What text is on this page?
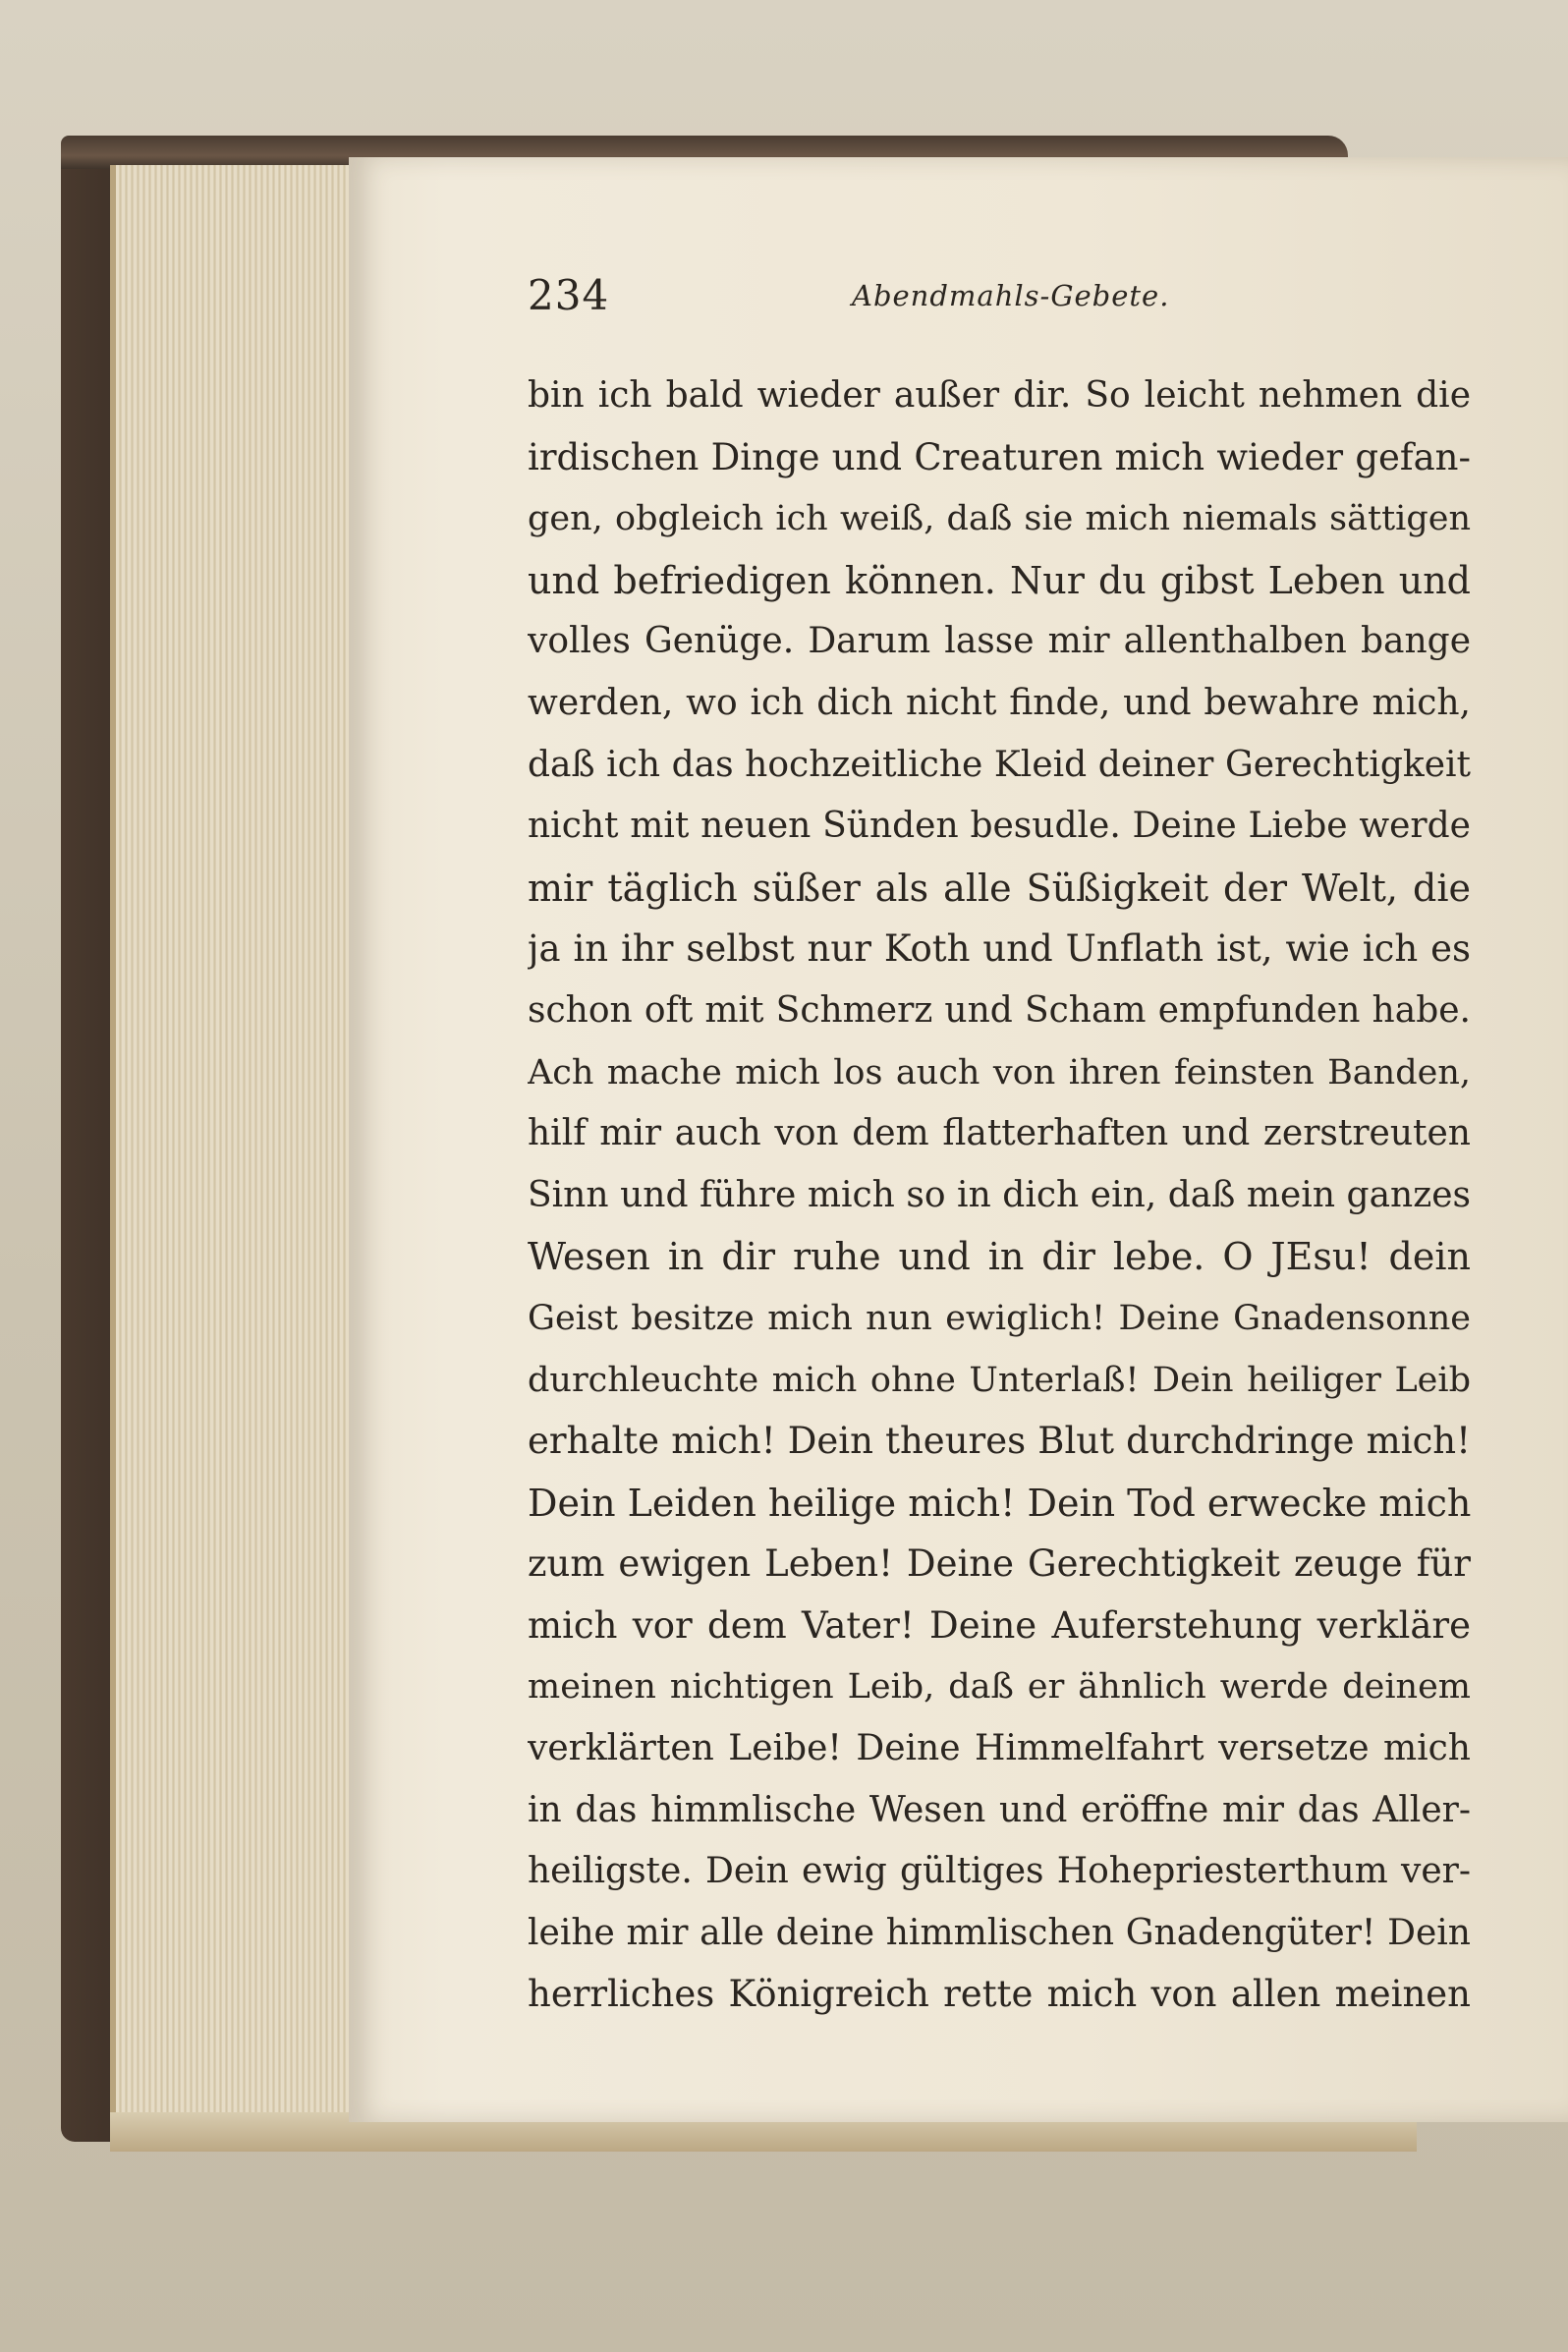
234	Abendmahls-Gebete.
bin ich bald wieder außer dir. So leicht nehmen die
irdischen Dinge und Creaturen mich wieder gefan-
gen, obgleich ich weiß, daß sie mich niemals sättigen
und befriedigen können. Nur du gibst Leben und
volles Genüge. Darum lasse mir allenthalben bange
werden, wo ich dich nicht finde, und bewahre mich,
daß ich das hochzeitliche Kleid deiner Gerechtigkeit
nicht mit neuen Sünden besudle. Deine Liebe werde
mir täglich süßer als alle Süßigkeit der Welt, die
ja in ihr selbst nur Koth und Unflath ist, wie ich es
schon oft mit Schmerz und Scham empfunden habe.
Ach mache mich los auch von ihren feinsten Banden,
hilf mir auch von dem flatterhaften und zerstreuten
Sinn und führe mich so in dich ein, daß mein ganzes
Wesen in dir ruhe und in dir lebe. O JEsu! dein
Geist besitze mich nun ewiglich! Deine Gnadensonne
durchleuchte mich ohne Unterlaß! Dein heiliger Leib
erhalte mich! Dein theures Blut durchdringe mich!
Dein Leiden heilige mich! Dein Tod erwecke mich
zum ewigen Leben! Deine Gerechtigkeit zeuge für
mich vor dem Vater! Deine Auferstehung verkläre
meinen nichtigen Leib, daß er ähnlich werde deinem
verklärten Leibe! Deine Himmelfahrt versetze mich
in das himmlische Wesen und eröffne mir das Aller-
heiligste. Dein ewig gültiges Hohepriesterthum ver-
leihe mir alle deine himmlischen Gnadengüter! Dein
herrliches Königreich rette mich von allen meinen
